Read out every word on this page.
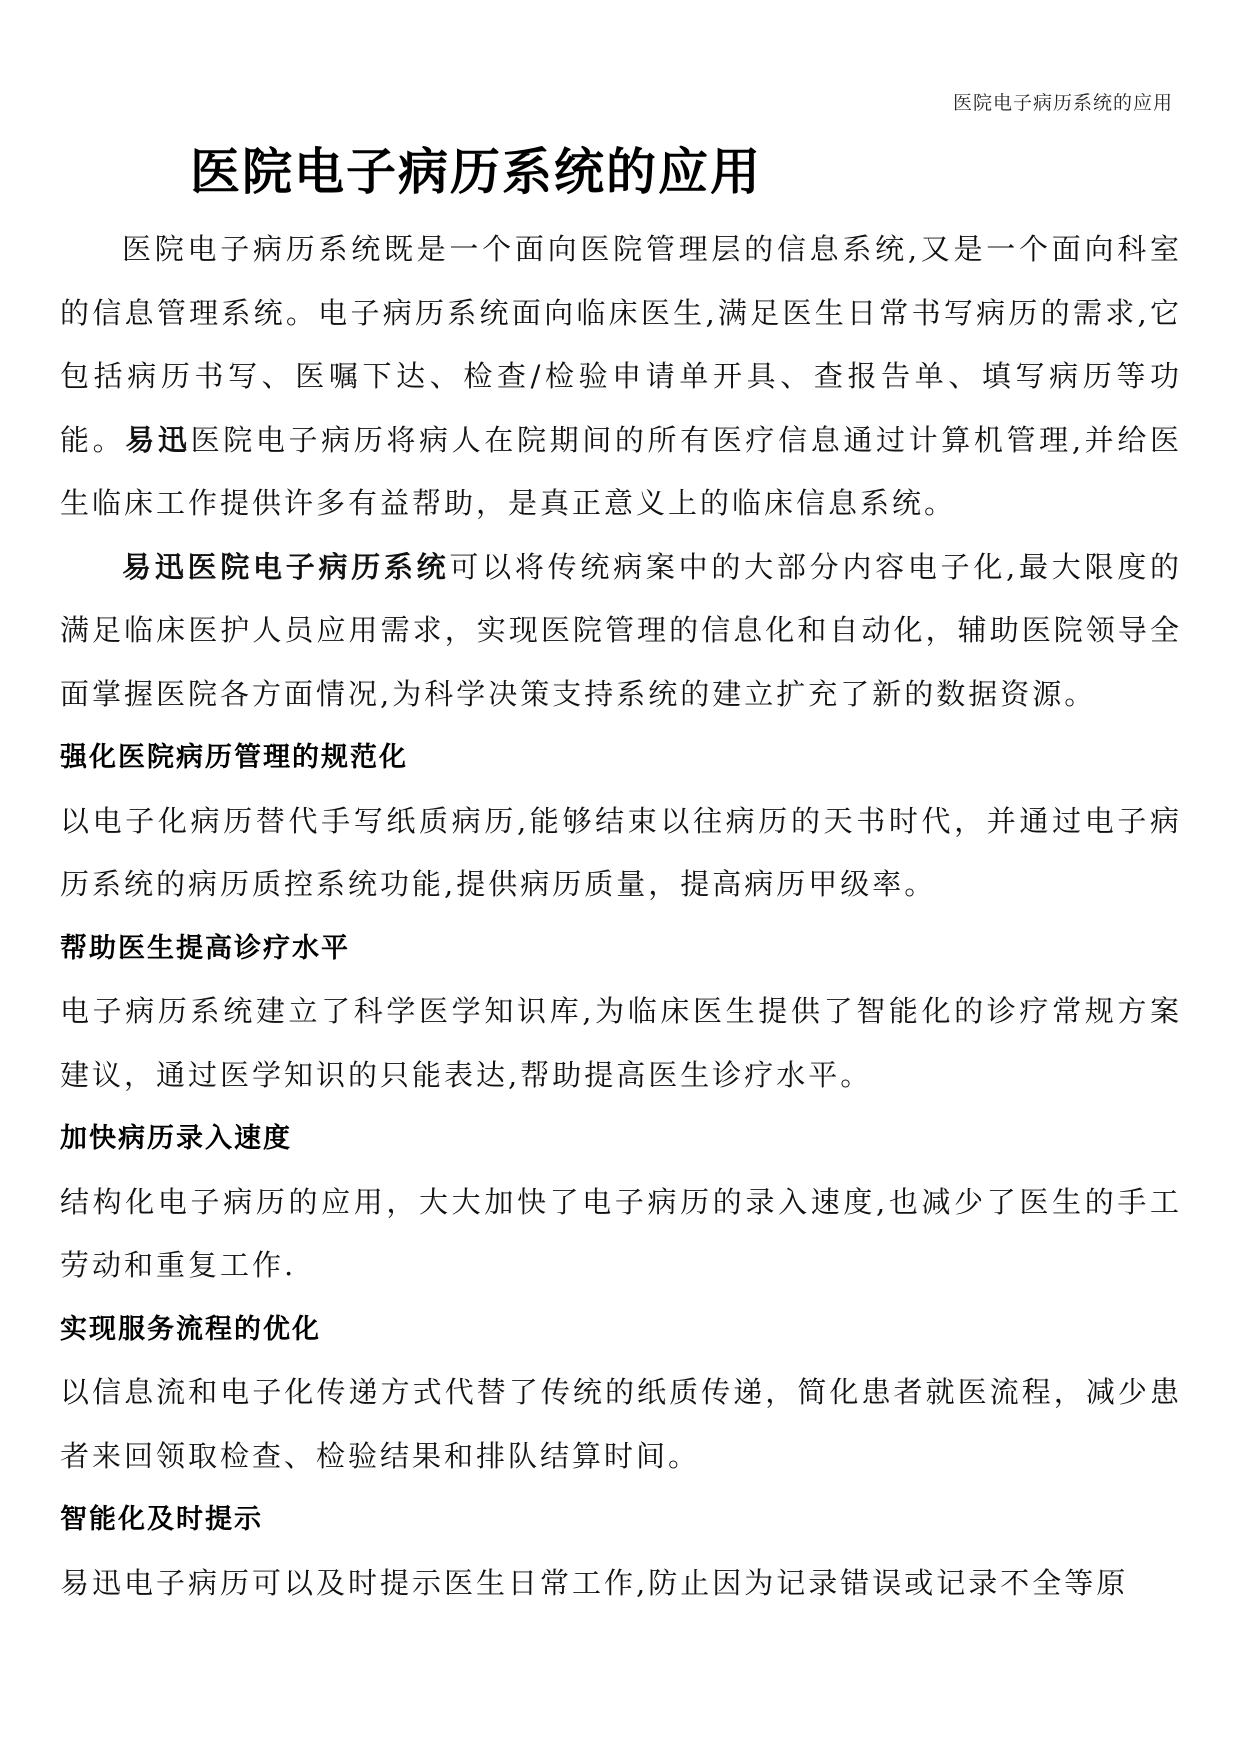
医院电子病历系统的应用
医院电子病历系统的应用

医院电子病历系统既是一个面向医院管理层的信息系统,又是一个面向科室的信息管理系统。电子病历系统面向临床医生,满足医生日常书写病历的需求,它包括病历书写、医嘱下达、检查/检验申请单开具、查报告单、填写病历等功能。易迅医院电子病历将病人在院期间的所有医疗信息通过计算机管理,并给医 生临床工作提供许多有益帮助，是真正意义上的临床信息系统。

易迅医院电子病历系统可以将传统病案中的大部分内容电子化,最大限度的满足临床医护人员应用需求，实现医院管理的信息化和自动化，辅助医院领导全面掌握医院各方面情况,为科学决策支持系统的建立扩充了新的数据资源。

强化医院病历管理的规范化

以电子化病历替代手写纸质病历,能够结束以往病历的天书时代，并通过电子病历系统的病历质控系统功能,提供病历质量，提高病历甲级率。

帮助医生提高诊疗水平

电子病历系统建立了科学医学知识库,为临床医生提供了智能化的诊疗常规方案建议，通过医学知识的只能表达,帮助提高医生诊疗水平。

加快病历录入速度

结构化电子病历的应用，大大加快了电子病历的录入速度,也减少了医生的手工劳动和重复工作.

实现服务流程的优化

以信息流和电子化传递方式代替了传统的纸质传递，简化患者就医流程，减少患者来回领取检查、检验结果和排队结算时间。

智能化及时提示

易迅电子病历可以及时提示医生日常工作,防止因为记录错误或记录不全等原
